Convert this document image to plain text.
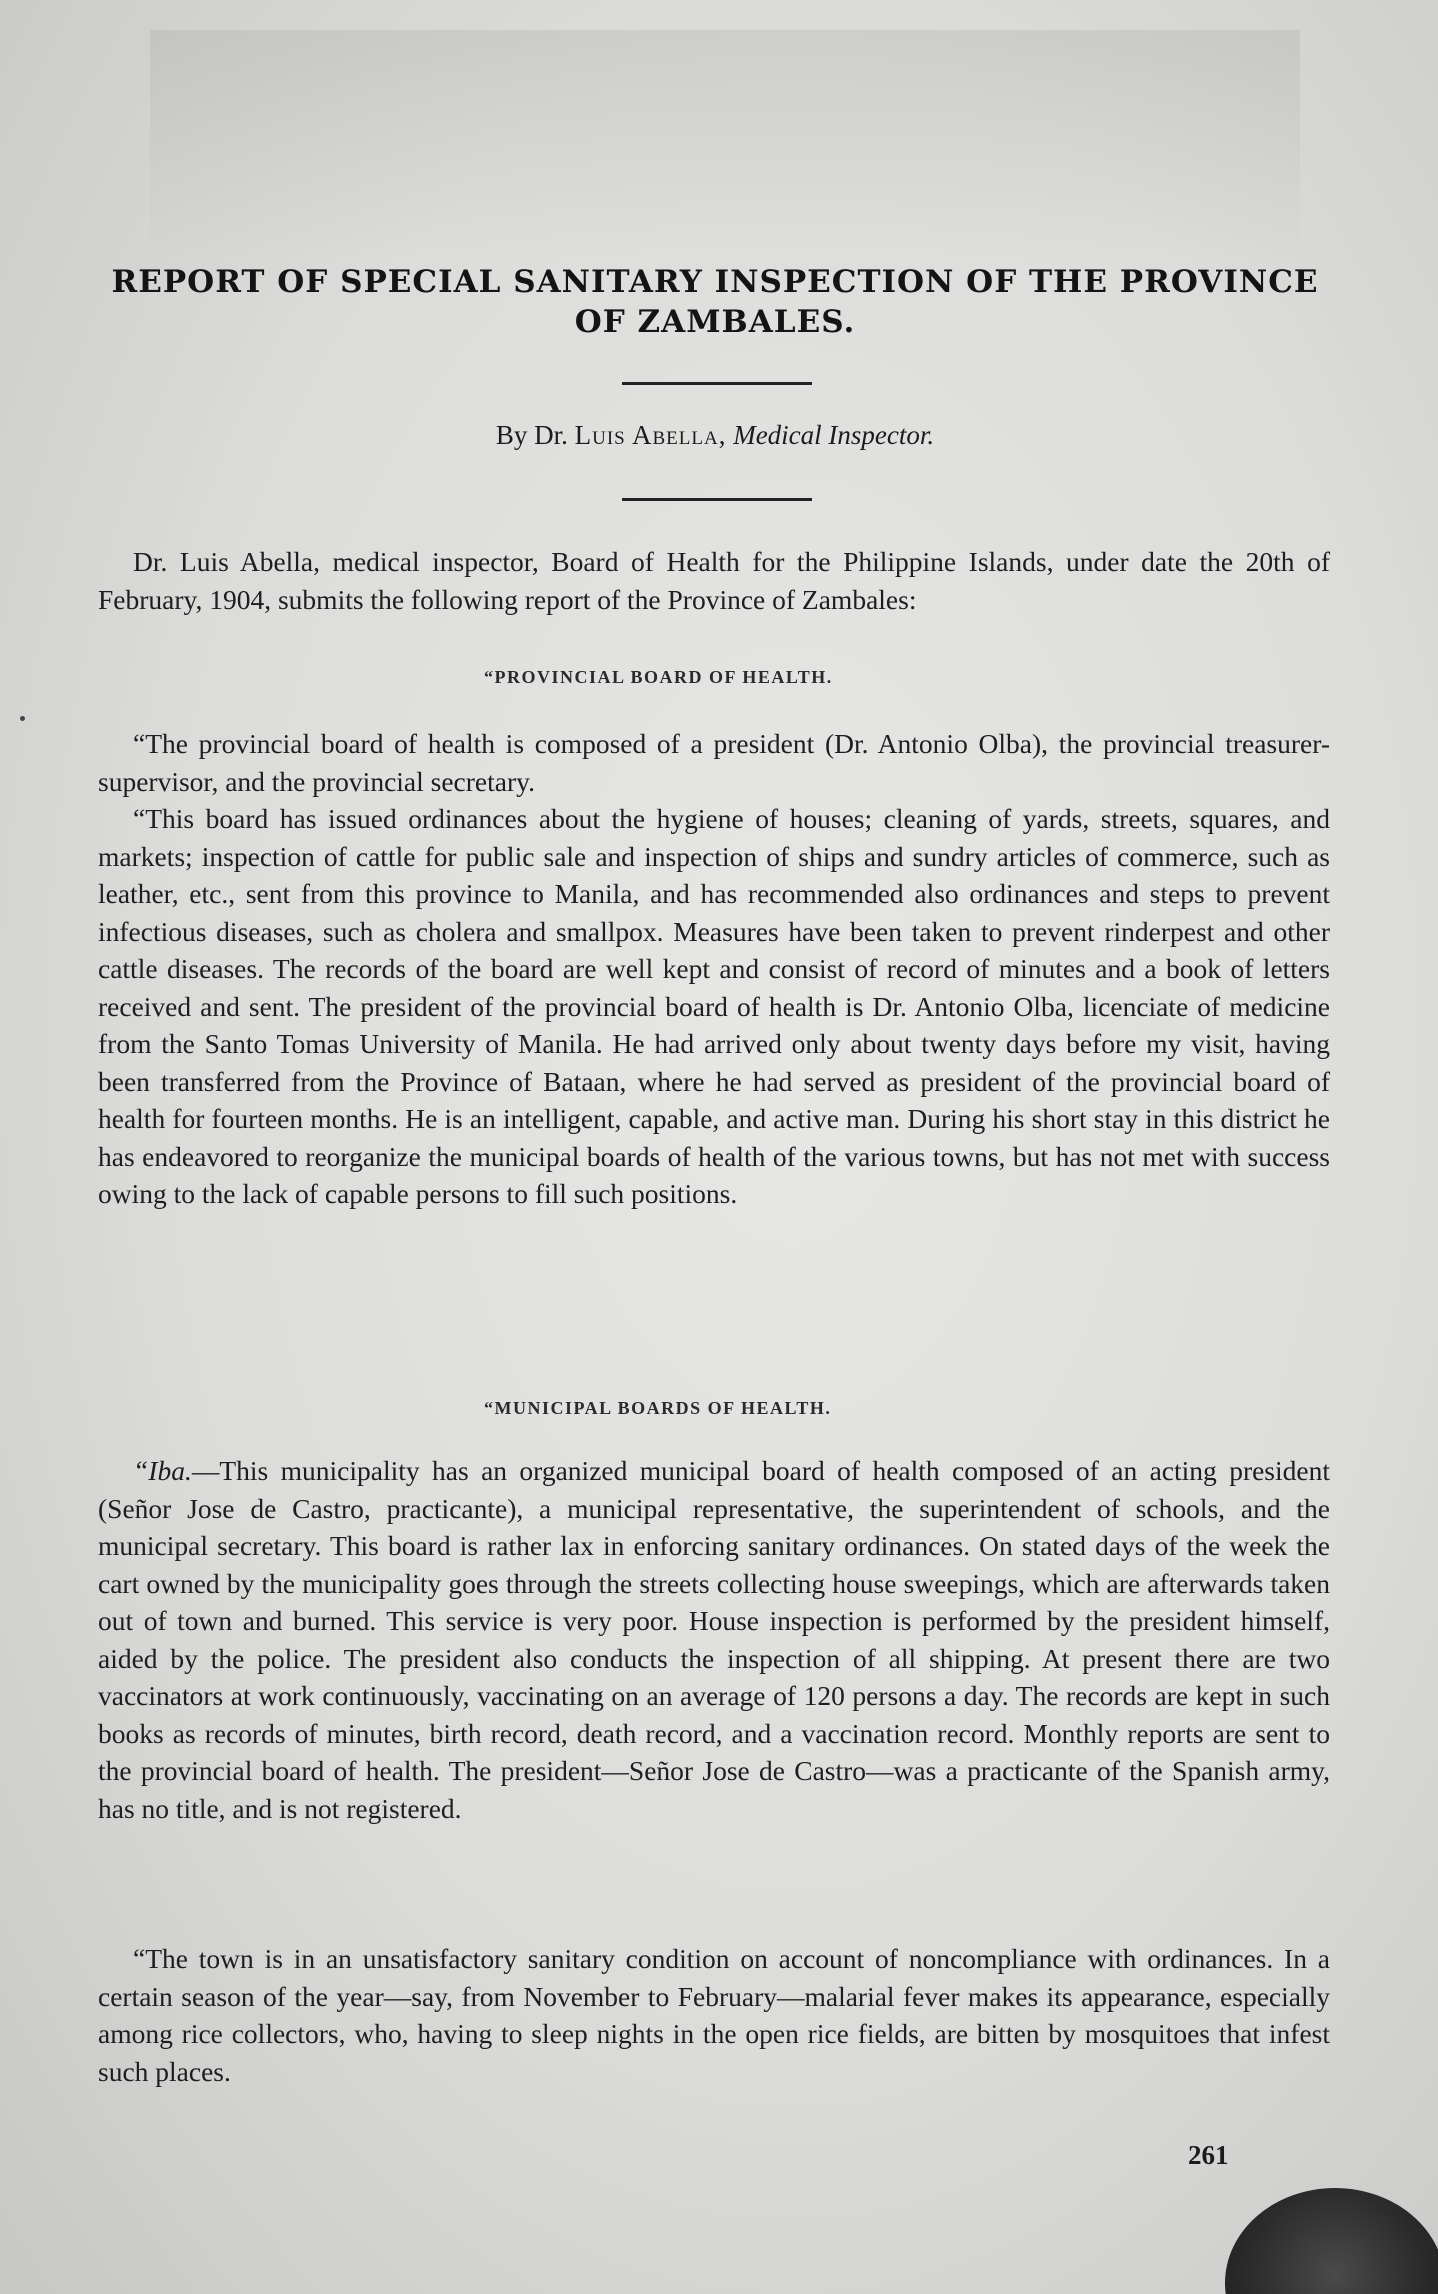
REPORT OF SPECIAL SANITARY INSPECTION OF THE PROVINCE OF ZAMBALES.
By Dr. Luis Abella, Medical Inspector.

Dr. Luis Abella, medical inspector, Board of Health for the Philippine Islands, under date the 20th of February, 1904, submits the following report of the Province of Zambales:

“PROVINCIAL BOARD OF HEALTH.

“The provincial board of health is composed of a president (Dr. Antonio Olba), the provincial treasurer-supervisor, and the provincial secretary.

“This board has issued ordinances about the hygiene of houses; cleaning of yards, streets, squares, and markets; inspection of cattle for public sale and inspection of ships and sundry articles of commerce, such as leather, etc., sent from this province to Manila, and has recommended also ordinances and steps to prevent infectious diseases, such as cholera and smallpox. Measures have been taken to prevent rinderpest and other cattle diseases. The records of the board are well kept and consist of record of minutes and a book of letters received and sent. The president of the provincial board of health is Dr. Antonio Olba, licenciate of medicine from the Santo Tomas University of Manila. He had arrived only about twenty days before my visit, having been transferred from the Province of Bataan, where he had served as president of the provincial board of health for fourteen months. He is an intelligent, capable, and active man. During his short stay in this district he has endeavored to reorganize the municipal boards of health of the various towns, but has not met with success owing to the lack of capable persons to fill such positions.

“MUNICIPAL BOARDS OF HEALTH.

“Iba.—This municipality has an organized municipal board of health composed of an acting president (Señor Jose de Castro, practicante), a municipal representative, the superintendent of schools, and the municipal secretary. This board is rather lax in enforcing sanitary ordinances. On stated days of the week the cart owned by the municipality goes through the streets collecting house sweepings, which are afterwards taken out of town and burned. This service is very poor. House inspection is performed by the president himself, aided by the police. The president also conducts the inspection of all shipping. At present there are two vaccinators at work continuously, vaccinating on an average of 120 persons a day. The records are kept in such books as records of minutes, birth record, death record, and a vaccination record. Monthly reports are sent to the provincial board of health. The president—Señor Jose de Castro—was a practicante of the Spanish army, has no title, and is not registered.

“The town is in an unsatisfactory sanitary condition on account of noncompliance with ordinances. In a certain season of the year—say, from November to February—malarial fever makes its appearance, especially among rice collectors, who, having to sleep nights in the open rice fields, are bitten by mosquitoes that infest such places.

261
